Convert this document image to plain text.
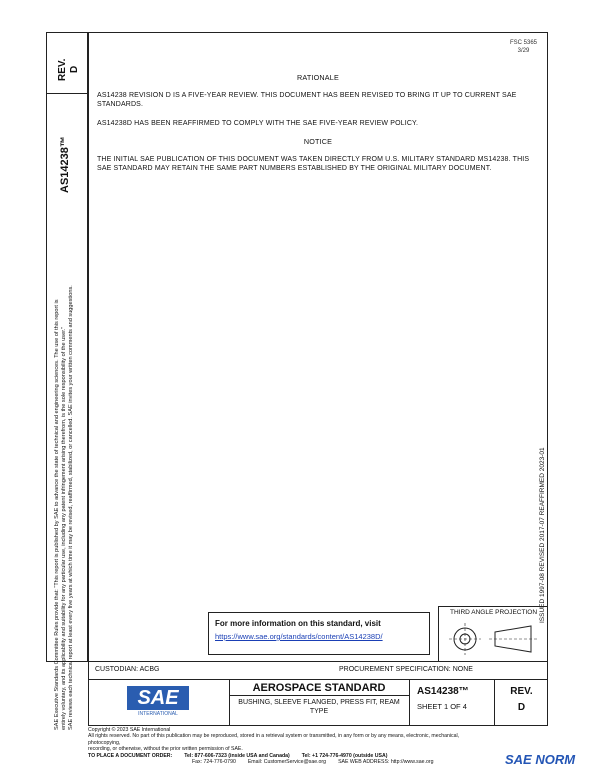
REV. D
AS14238™
SAE Executive Standards Committee Rules provide that: “This report is published by SAE to advance the state of technical and engineering sciences. The use of this report is entirely voluntary, and its applicability and suitability for any particular use, including any patent infringement arising therefrom, is the sole responsibility of the user.” SAE reviews each technical report at least every five years at which time it may be revised, reaffirmed, stabilized, or cancelled. SAE invites your written comments and suggestions.
FSC 5365
3/29
RATIONALE
AS14238 REVISION D IS A FIVE-YEAR REVIEW. THIS DOCUMENT HAS BEEN REVISED TO BRING IT UP TO CURRENT SAE STANDARDS.
AS14238D HAS BEEN REAFFIRMED TO COMPLY WITH THE SAE FIVE-YEAR REVIEW POLICY.
NOTICE
THE INITIAL SAE PUBLICATION OF THIS DOCUMENT WAS TAKEN DIRECTLY FROM U.S. MILITARY STANDARD MS14238. THIS SAE STANDARD MAY RETAIN THE SAME PART NUMBERS ESTABLISHED BY THE ORIGINAL MILITARY DOCUMENT.
ISSUED 1997-08 REVISED 2017-07 REAFFIRMED 2023-01
For more information on this standard, visit
https://www.sae.org/standards/content/AS14238D/
THIRD ANGLE PROJECTION
CUSTODIAN: ACBG	PROCUREMENT SPECIFICATION: NONE
SAE
INTERNATIONAL
AEROSPACE STANDARD
BUSHING, SLEEVE FLANGED, PRESS FIT, REAM TYPE
AS14238™
SHEET 1 OF 4
REV.
D
Copyright © 2023 SAE International
All rights reserved. No part of this publication may be reproduced, stored in a retrieval system or transmitted, in any form or by any means, electronic, mechanical, photocopying,
recording, or otherwise, without the prior written permission of SAE.
TO PLACE A DOCUMENT ORDER: Tel: 877-606-7323 (inside USA and Canada) Tel: +1 724-776-4970 (outside USA)
Fax: 724-776-0790 Email: CustomerService@sae.org SAE WEB ADDRESS: http://www.sae.org	SAE NORM
